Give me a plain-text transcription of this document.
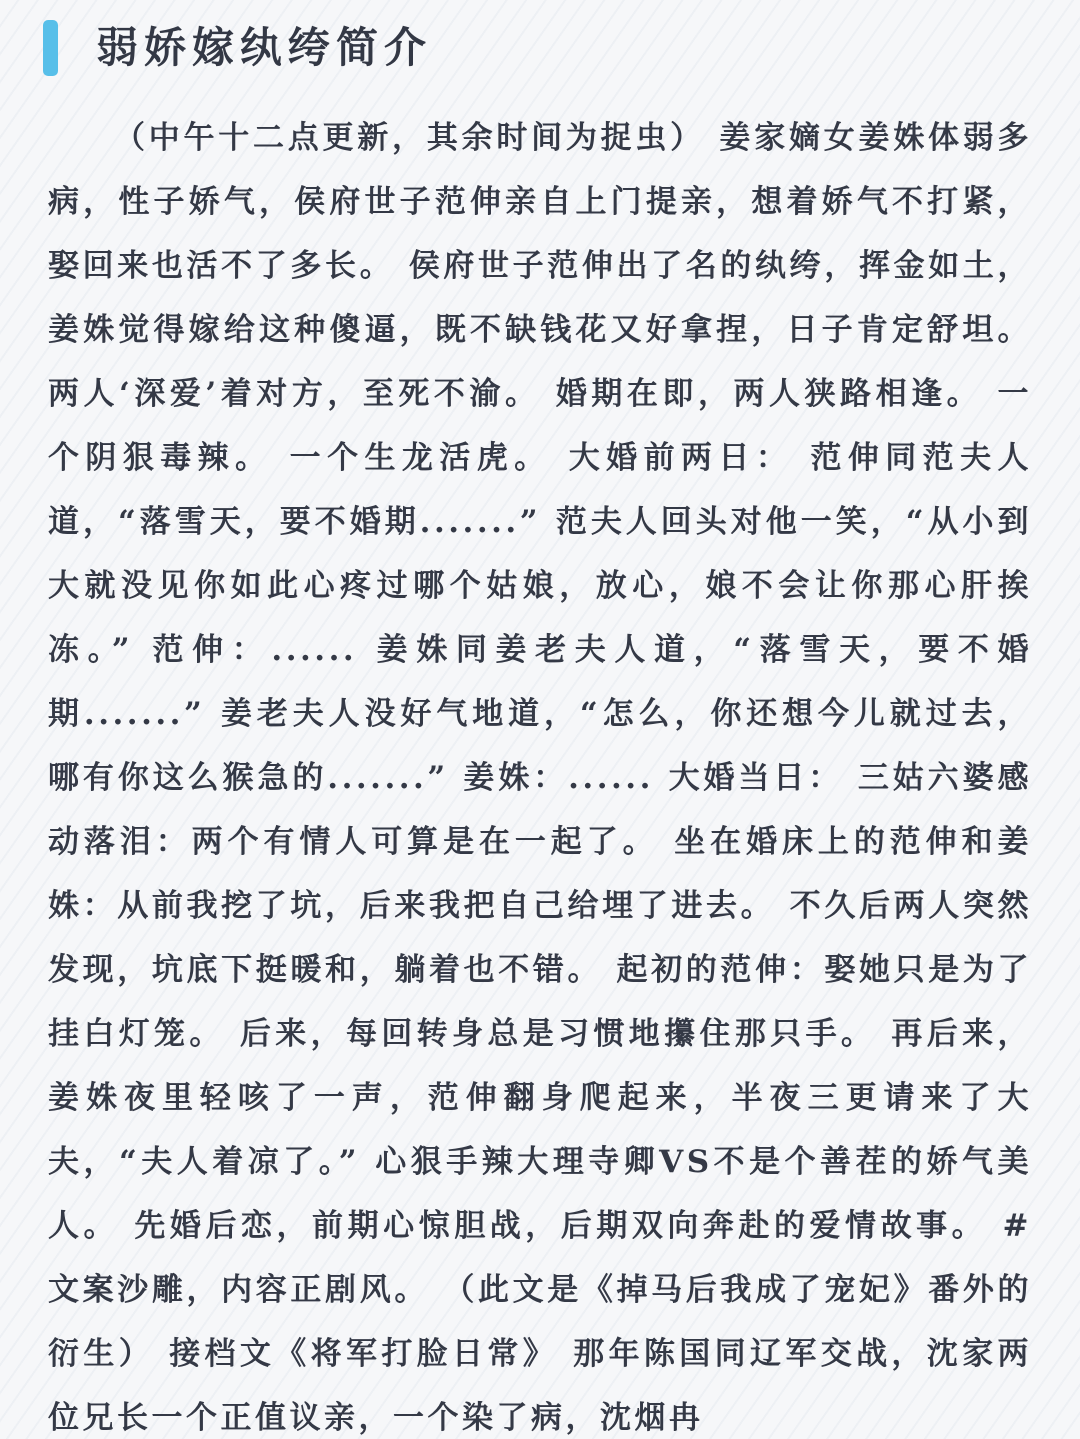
弱娇嫁纨绔简介

（中午十二点更新，其余时间为捉虫） 姜家嫡女姜姝体弱多病，性子娇气，侯府世子范伸亲自上门提亲，想着娇气不打紧，娶回来也活不了多长。 侯府世子范伸出了名的纨绔，挥金如土，姜姝觉得嫁给这种傻逼，既不缺钱花又好拿捏，日子肯定舒坦。 两人‘深爱’着对方，至死不渝。 婚期在即，两人狭路相逢。 一个阴狠毒辣。 一个生龙活虎。 大婚前两日： 范伸同范夫人道，“落雪天，要不婚期.......” 范夫人回头对他一笑，“从小到大就没见你如此心疼过哪个姑娘，放心，娘不会让你那心肝挨冻。” 范伸：...... 姜姝同姜老夫人道，“落雪天，要不婚期.......” 姜老夫人没好气地道，“怎么，你还想今儿就过去，哪有你这么猴急的.......” 姜姝：...... 大婚当日： 三姑六婆感动落泪：两个有情人可算是在一起了。 坐在婚床上的范伸和姜姝：从前我挖了坑，后来我把自己给埋了进去。 不久后两人突然发现，坑底下挺暖和，躺着也不错。 起初的范伸：娶她只是为了挂白灯笼。 后来，每回转身总是习惯地攥住那只手。 再后来，姜姝夜里轻咳了一声，范伸翻身爬起来，半夜三更请来了大夫，“夫人着凉了。” 心狠手辣大理寺卿VS不是个善茬的娇气美人。 先婚后恋，前期心惊胆战，后期双向奔赴的爱情故事。 #文案沙雕，内容正剧风。 （此文是《掉马后我成了宠妃》番外的衍生） 接档文《将军打脸日常》 那年陈国同辽军交战，沈家两位兄长一个正值议亲，一个染了病，沈烟冉
